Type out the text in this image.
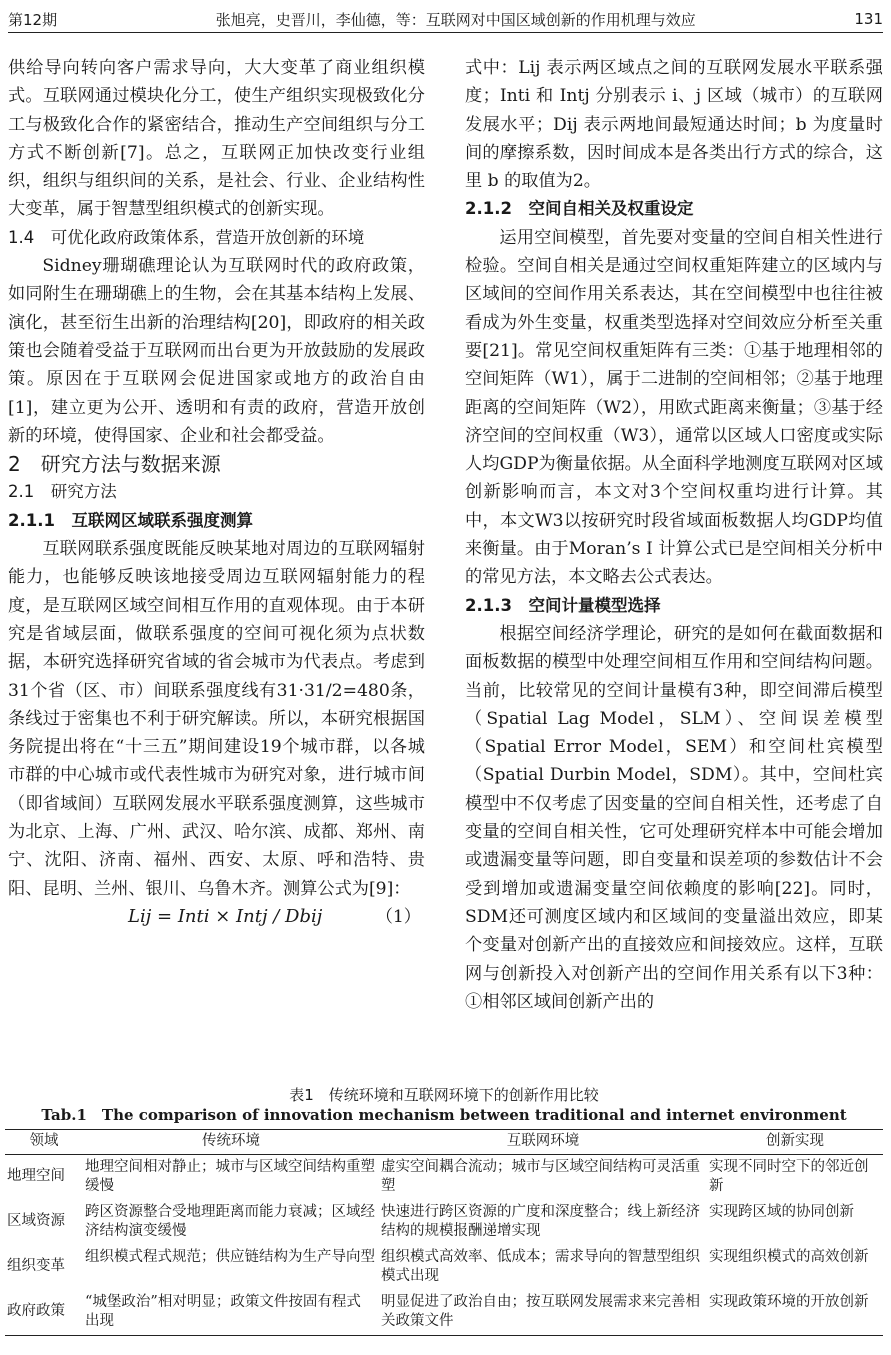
第12期	张旭亮，史晋川，李仙德，等：互联网对中国区域创新的作用机理与效应	131

供给导向转向客户需求导向，大大变革了商业组织模式。互联网通过模块化分工，使生产组织实现极致化分工与极致化合作的紧密结合，推动生产空间组织与分工方式不断创新[7]。总之，互联网正加快改变行业组织，组织与组织间的关系，是社会、行业、企业结构性大变革，属于智慧型组织模式的创新实现。

1.4　可优化政府政策体系，营造开放创新的环境

Sidney珊瑚礁理论认为互联网时代的政府政策，如同附生在珊瑚礁上的生物，会在其基本结构上发展、演化，甚至衍生出新的治理结构[20]，即政府的相关政策也会随着受益于互联网而出台更为开放鼓励的发展政策。原因在于互联网会促进国家或地方的政治自由[1]，建立更为公开、透明和有责的政府，营造开放创新的环境，使得国家、企业和社会都受益。

2　研究方法与数据来源

2.1　研究方法

2.1.1　互联网区域联系强度测算

互联网联系强度既能反映某地对周边的互联网辐射能力，也能够反映该地接受周边互联网辐射能力的程度，是互联网区域空间相互作用的直观体现。由于本研究是省域层面，做联系强度的空间可视化须为点状数据，本研究选择研究省域的省会城市为代表点。考虑到31个省（区、市）间联系强度线有31·31/2=480条，条线过于密集也不利于研究解读。所以，本研究根据国务院提出将在“十三五”期间建设19个城市群，以各城市群的中心城市或代表性城市为研究对象，进行城市间（即省域间）互联网发展水平联系强度测算，这些城市为北京、上海、广州、武汉、哈尔滨、成都、郑州、南宁、沈阳、济南、福州、西安、太原、呼和浩特、贵阳、昆明、兰州、银川、乌鲁木齐。测算公式为[9]：

Lij = Inti × Intj / Dbij	（1）

式中：Lij 表示两区域点之间的互联网发展水平联系强度；Inti 和 Intj 分别表示 i、j 区域（城市）的互联网发展水平；Dij 表示两地间最短通达时间；b 为度量时间的摩擦系数，因时间成本是各类出行方式的综合，这里 b 的取值为2。

2.1.2　空间自相关及权重设定

运用空间模型，首先要对变量的空间自相关性进行检验。空间自相关是通过空间权重矩阵建立的区域内与区域间的空间作用关系表达，其在空间模型中也往往被看成为外生变量，权重类型选择对空间效应分析至关重要[21]。常见空间权重矩阵有三类：①基于地理相邻的空间矩阵（W1），属于二进制的空间相邻；②基于地理距离的空间矩阵（W2），用欧式距离来衡量；③基于经济空间的空间权重（W3），通常以区域人口密度或实际人均GDP为衡量依据。从全面科学地测度互联网对区域创新影响而言，本文对3个空间权重均进行计算。其中，本文W3以按研究时段省域面板数据人均GDP均值来衡量。由于Moran’s I 计算公式已是空间相关分析中的常见方法，本文略去公式表达。

2.1.3　空间计量模型选择

根据空间经济学理论，研究的是如何在截面数据和面板数据的模型中处理空间相互作用和空间结构问题。当前，比较常见的空间计量模有3种，即空间滞后模型（Spatial Lag Model，SLM）、空间误差模型（Spatial Error Model，SEM）和空间杜宾模型（Spatial Durbin Model，SDM）。其中，空间杜宾模型中不仅考虑了因变量的空间自相关性，还考虑了自变量的空间自相关性，它可处理研究样本中可能会增加或遗漏变量等问题，即自变量和误差项的参数估计不会受到增加或遗漏变量空间依赖度的影响[22]。同时，SDM还可测度区域内和区域间的变量溢出效应，即某个变量对创新产出的直接效应和间接效应。这样，互联网与创新投入对创新产出的空间作用关系有以下3种：①相邻区域间创新产出的

表1　传统环境和互联网环境下的创新作用比较
Tab.1　The comparison of innovation mechanism between traditional and internet environment
领域	传统环境	互联网环境	创新实现
地理空间	地理空间相对静止；城市与区域空间结构重塑缓慢	虚实空间耦合流动；城市与区域空间结构可灵活重塑	实现不同时空下的邻近创新
区域资源	跨区资源整合受地理距离而能力衰减；区域经济结构演变缓慢	快速进行跨区资源的广度和深度整合；线上新经济结构的规模报酬递增实现	实现跨区域的协同创新
组织变革	组织模式程式规范；供应链结构为生产导向型	组织模式高效率、低成本；需求导向的智慧型组织模式出现	实现组织模式的高效创新
政府政策	“城堡政治”相对明显；政策文件按固有程式出现	明显促进了政治自由；按互联网发展需求来完善相关政策文件	实现政策环境的开放创新
